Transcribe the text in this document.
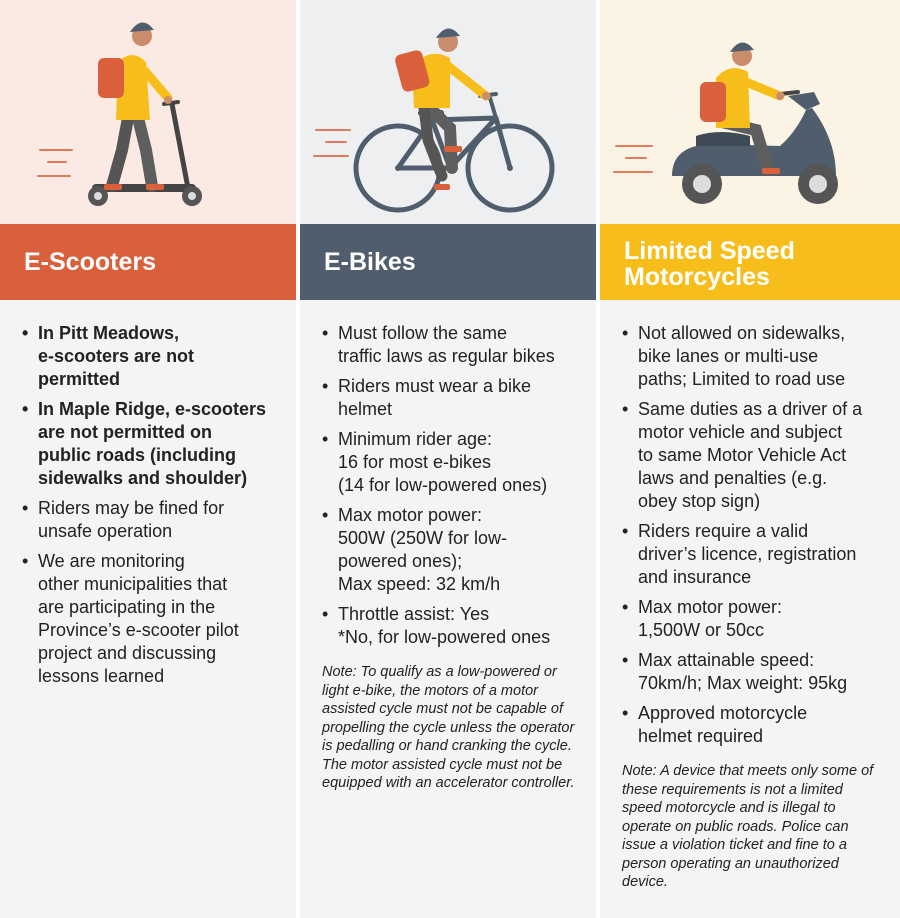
E-Scooters
• In Pitt Meadows,
e-scooters are not
permitted
• In Maple Ridge, e-scooters
are not permitted on
public roads (including
sidewalks and shoulder)
• Riders may be fined for
unsafe operation
• We are monitoring
other municipalities that
are participating in the
Province’s e-scooter pilot
project and discussing
lessons learned
E-Bikes
• Must follow the same
traffic laws as regular bikes
• Riders must wear a bike
helmet
• Minimum rider age:
16 for most e-bikes
(14 for low-powered ones)
• Max motor power:
500W (250W for low-
powered ones);
Max speed: 32 km/h
• Throttle assist: Yes
*No, for low-powered ones

Note: To qualify as a low-powered or light e-bike, the motors of a motor assisted cycle must not be capable of propelling the cycle unless the operator is pedalling or hand cranking the cycle. The motor assisted cycle must not be equipped with an accelerator controller.

Limited Speed
Motorcycles
• Not allowed on sidewalks,
bike lanes or multi-use
paths; Limited to road use
• Same duties as a driver of a
motor vehicle and subject
to same Motor Vehicle Act
laws and penalties (e.g.
obey stop sign)
• Riders require a valid
driver’s licence, registration
and insurance
• Max motor power:
1,500W or 50cc
• Max attainable speed:
70km/h; Max weight: 95kg
• Approved motorcycle
helmet required

Note: A device that meets only some of these requirements is not a limited speed motorcycle and is illegal to operate on public roads. Police can issue a violation ticket and fine to a person operating an unauthorized device.
